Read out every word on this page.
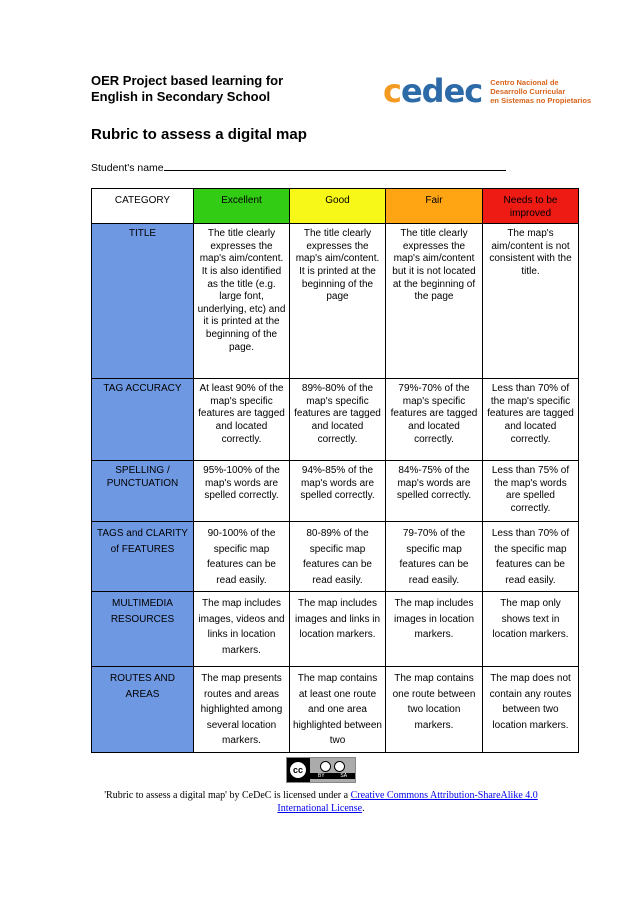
OER Project based learning for
English in Secondary School	cedec Centro Nacional de
Desarrollo Curricular
en Sistemas no Propietarios
Rubric to assess a digital map
Student's name
CATEGORY	Excellent	Good	Fair	Needs to be improved
TITLE	The title clearly expresses the map's aim/content. It is also identified as the title (e.g. large font, underlying, etc) and it is printed at the beginning of the page.	The title clearly expresses the map's aim/content. It is printed at the beginning of the page	The title clearly expresses the map's aim/content but it is not located at the beginning of the page	The map's aim/content is not consistent with the title.
TAG ACCURACY	At least 90% of the map's specific features are tagged and located correctly.	89%-80% of the map's specific features are tagged and located correctly.	79%-70% of the map's specific features are tagged and located correctly.	Less than 70% of the map's specific features are tagged and located correctly.
SPELLING / PUNCTUATION	95%-100% of the map's words are spelled correctly.	94%-85% of the map's words are spelled correctly.	84%-75% of the map's words are spelled correctly.	Less than 75% of the map's words are spelled correctly.
TAGS and CLARITY of FEATURES	90-100% of the specific map features can be read easily.	80-89% of the specific map features can be read easily.	79-70% of the specific map features can be read easily.	Less than 70% of the specific map features can be read easily.
MULTIMEDIA RESOURCES	The map includes images, videos and links in location markers.	The map includes images and links in location markers.	The map includes images in location markers.	The map only shows text in location markers.
ROUTES AND AREAS	The map presents routes and areas highlighted among several location markers.	The map contains at least one route and one area highlighted between two	The map contains one route between two location markers.	The map does not contain any routes between two location markers.
cc
BY	SA
'Rubric to assess a digital map' by CeDeC is licensed under a Creative Commons Attribution-ShareAlike 4.0 International License.
